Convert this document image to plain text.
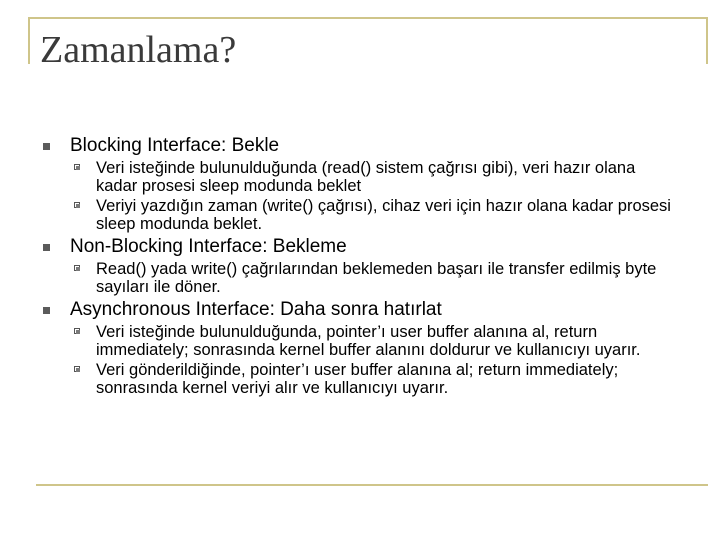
Zamanlama?
Blocking Interface: Bekle
Veri isteğinde bulunulduğunda (read() sistem çağrısı gibi), veri hazır olana kadar prosesi sleep modunda beklet
Veriyi yazdığın zaman (write() çağrısı), cihaz veri için hazır olana kadar prosesi sleep modunda beklet.
Non-Blocking Interface: Bekleme
Read() yada write() çağrılarından beklemeden başarı ile transfer edilmiş byte sayıları ile döner.
Asynchronous Interface: Daha sonra hatırlat
Veri isteğinde bulunulduğunda, pointer’ı user buffer alanına al, return immediately; sonrasında kernel buffer alanını doldurur ve kullanıcıyı uyarır.
Veri gönderildiğinde, pointer’ı user buffer alanına al; return immediately; sonrasında kernel veriyi alır ve kullanıcıyı uyarır.
